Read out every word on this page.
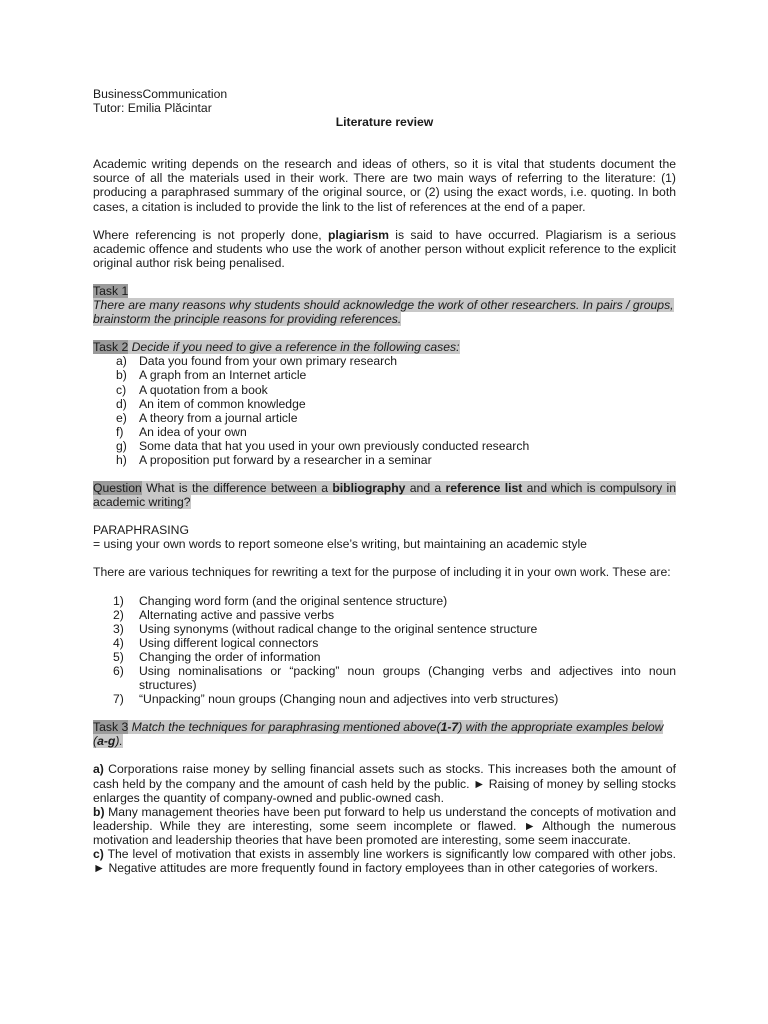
BusinessCommunication
Tutor: Emilia Plăcintar
Literature review
Academic writing depends on the research and ideas of others, so it is vital that students document the source of all the materials used in their work. There are two main ways of referring to the literature: (1) producing a paraphrased summary of the original source, or (2) using the exact words, i.e. quoting. In both cases, a citation is included to provide the link to the list of references at the end of a paper.
Where referencing is not properly done, plagiarism is said to have occurred. Plagiarism is a serious academic offence and students who use the work of another person without explicit reference to the explicit original author risk being penalised.
Task 1
There are many reasons why students should acknowledge the work of other researchers. In pairs / groups, brainstorm the principle reasons for providing references.
Task 2 Decide if you need to give a reference in the following cases:
a) Data you found from your own primary research
b) A graph from an Internet article
c) A quotation from a book
d) An item of common knowledge
e) A theory from a journal article
f) An idea of your own
g) Some data that hat you used in your own previously conducted research
h) A proposition put forward by a researcher in a seminar
Question What is the difference between a bibliography and a reference list and which is compulsory in academic writing?
PARAPHRASING
= using your own words to report someone else’s writing, but maintaining an academic style
There are various techniques for rewriting a text for the purpose of including it in your own work. These are:
1) Changing word form (and the original sentence structure)
2) Alternating active and passive verbs
3) Using synonyms (without radical change to the original sentence structure
4) Using different logical connectors
5) Changing the order of information
6) Using nominalisations or “packing” noun groups (Changing verbs and adjectives into noun structures)
7) “Unpacking” noun groups (Changing noun and adjectives into verb structures)
Task 3 Match the techniques for paraphrasing mentioned above(1-7) with the appropriate examples below (a-g).
a) Corporations raise money by selling financial assets such as stocks. This increases both the amount of cash held by the company and the amount of cash held by the public. ► Raising of money by selling stocks enlarges the quantity of company-owned and public-owned cash.
b) Many management theories have been put forward to help us understand the concepts of motivation and leadership. While they are interesting, some seem incomplete or flawed. ► Although the numerous motivation and leadership theories that have been promoted are interesting, some seem inaccurate.
c) The level of motivation that exists in assembly line workers is significantly low compared with other jobs. ► Negative attitudes are more frequently found in factory employees than in other categories of workers.
